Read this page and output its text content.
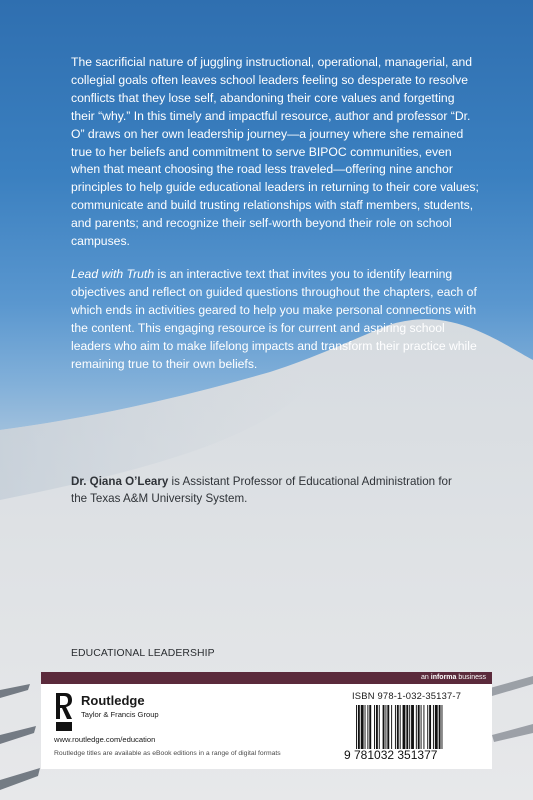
The sacrificial nature of juggling instructional, operational, managerial, and collegial goals often leaves school leaders feeling so desperate to resolve conflicts that they lose self, abandoning their core values and forgetting their “why.” In this timely and impactful resource, author and professor “Dr. O” draws on her own leadership journey—a journey where she remained true to her beliefs and commitment to serve BIPOC communities, even when that meant choosing the road less traveled—offering nine anchor principles to help guide educational leaders in returning to their core values; communicate and build trusting relationships with staff members, students, and parents; and recognize their self-worth beyond their role on school campuses.

Lead with Truth is an interactive text that invites you to identify learning objectives and reflect on guided questions throughout the chapters, each of which ends in activities geared to help you make personal connections with the content. This engaging resource is for current and aspiring school leaders who aim to make lifelong impacts and transform their practice while remaining true to their own beliefs.

Dr. Qiana O’Leary is Assistant Professor of Educational Administration for the Texas A&M University System.
EDUCATIONAL LEADERSHIP
an informa business
Routledge
Taylor & Francis Group
www.routledge.com/education
Routledge titles are available as eBook editions in a range of digital formats
ISBN 978-1-032-35137-7
9 781032 351377
